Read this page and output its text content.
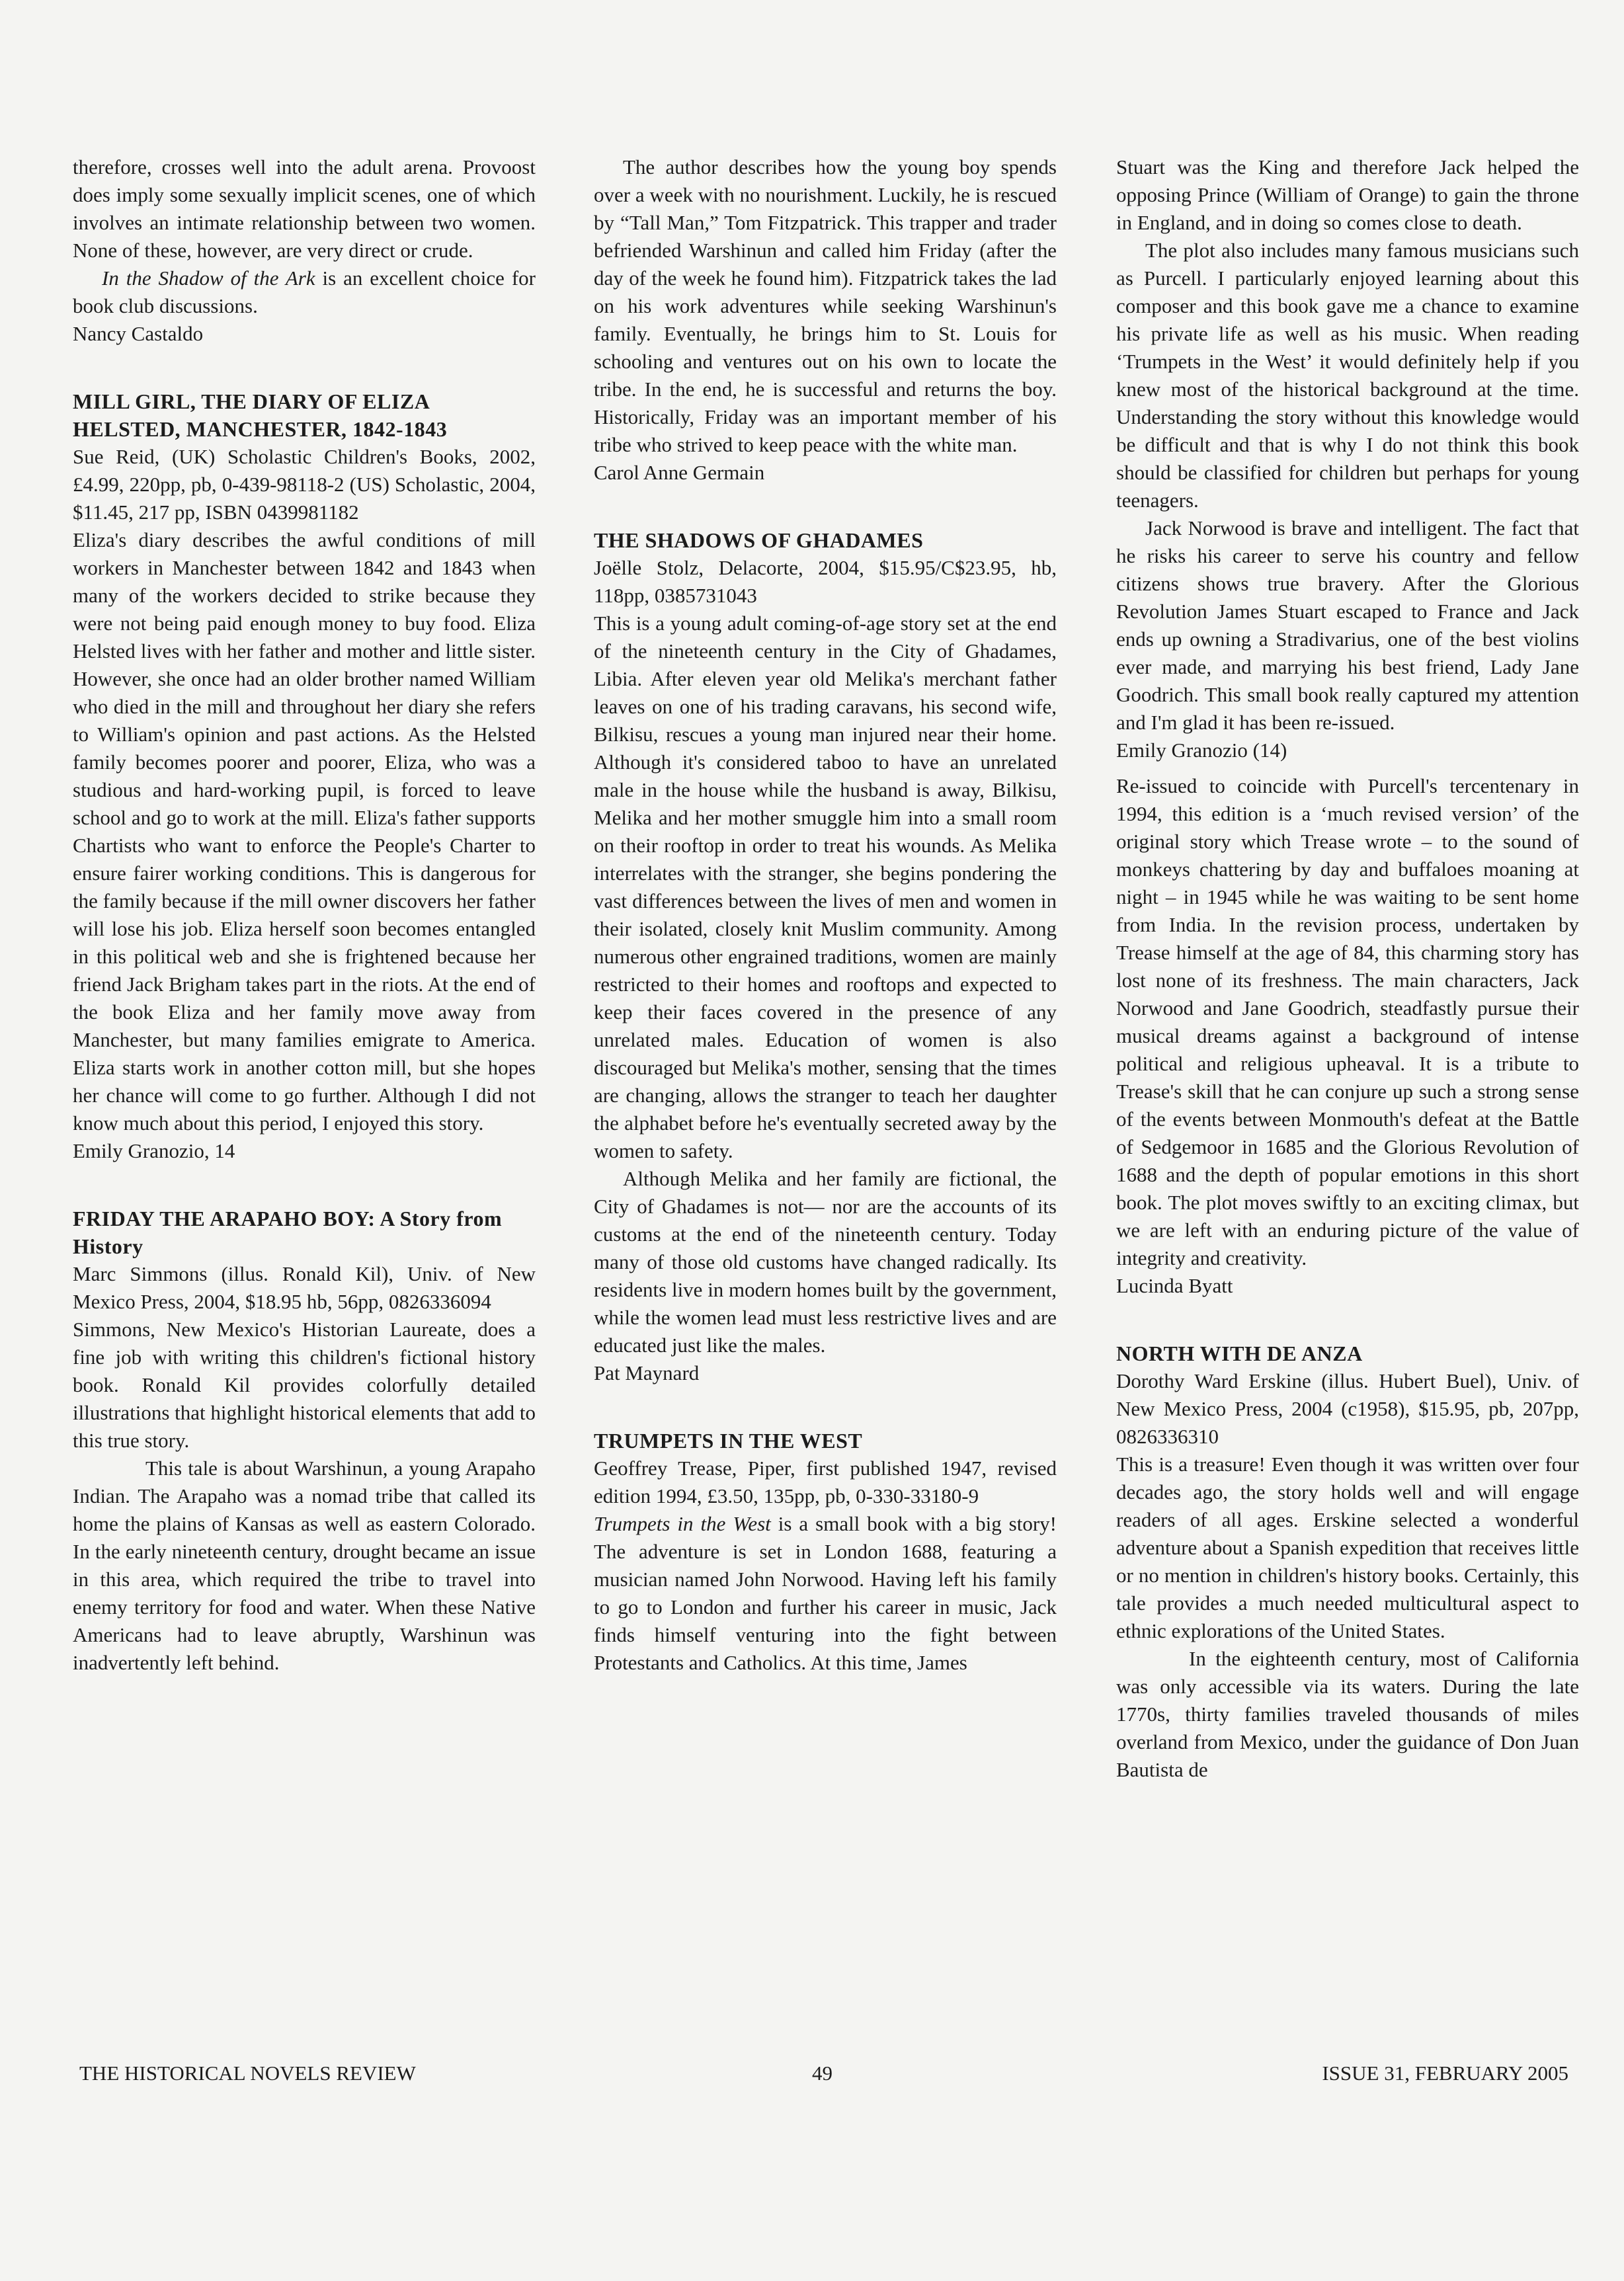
therefore, crosses well into the adult arena. Provoost does imply some sexually implicit scenes, one of which involves an intimate relationship between two women. None of these, however, are very direct or crude.

In the Shadow of the Ark is an excellent choice for book club discussions.

Nancy Castaldo

MILL GIRL, THE DIARY OF ELIZA HELSTED, MANCHESTER, 1842-1843

Sue Reid, (UK) Scholastic Children's Books, 2002, £4.99, 220pp, pb, 0-439-98118-2 (US) Scholastic, 2004, $11.45, 217 pp, ISBN 0439981182

Eliza's diary describes the awful conditions of mill workers in Manchester between 1842 and 1843 when many of the workers decided to strike because they were not being paid enough money to buy food. Eliza Helsted lives with her father and mother and little sister. However, she once had an older brother named William who died in the mill and throughout her diary she refers to William's opinion and past actions. As the Helsted family becomes poorer and poorer, Eliza, who was a studious and hard-working pupil, is forced to leave school and go to work at the mill. Eliza's father supports Chartists who want to enforce the People's Charter to ensure fairer working conditions. This is dangerous for the family because if the mill owner discovers her father will lose his job. Eliza herself soon becomes entangled in this political web and she is frightened because her friend Jack Brigham takes part in the riots. At the end of the book Eliza and her family move away from Manchester, but many families emigrate to America. Eliza starts work in another cotton mill, but she hopes her chance will come to go further. Although I did not know much about this period, I enjoyed this story.

Emily Granozio, 14

FRIDAY THE ARAPAHO BOY: A Story from History

Marc Simmons (illus. Ronald Kil), Univ. of New Mexico Press, 2004, $18.95 hb, 56pp, 0826336094

Simmons, New Mexico's Historian Laureate, does a fine job with writing this children's fictional history book. Ronald Kil provides colorfully detailed illustrations that highlight historical elements that add to this true story.

This tale is about Warshinun, a young Arapaho Indian. The Arapaho was a nomad tribe that called its home the plains of Kansas as well as eastern Colorado. In the early nineteenth century, drought became an issue in this area, which required the tribe to travel into enemy territory for food and water. When these Native Americans had to leave abruptly, Warshinun was inadvertently left behind.

The author describes how the young boy spends over a week with no nourishment. Luckily, he is rescued by “Tall Man,” Tom Fitzpatrick. This trapper and trader befriended Warshinun and called him Friday (after the day of the week he found him). Fitzpatrick takes the lad on his work adventures while seeking Warshinun's family. Eventually, he brings him to St. Louis for schooling and ventures out on his own to locate the tribe. In the end, he is successful and returns the boy. Historically, Friday was an important member of his tribe who strived to keep peace with the white man.

Carol Anne Germain

THE SHADOWS OF GHADAMES

Joëlle Stolz, Delacorte, 2004, $15.95/C$23.95, hb, 118pp, 0385731043

This is a young adult coming-of-age story set at the end of the nineteenth century in the City of Ghadames, Libia. After eleven year old Melika's merchant father leaves on one of his trading caravans, his second wife, Bilkisu, rescues a young man injured near their home. Although it's considered taboo to have an unrelated male in the house while the husband is away, Bilkisu, Melika and her mother smuggle him into a small room on their rooftop in order to treat his wounds. As Melika interrelates with the stranger, she begins pondering the vast differences between the lives of men and women in their isolated, closely knit Muslim community. Among numerous other engrained traditions, women are mainly restricted to their homes and rooftops and expected to keep their faces covered in the presence of any unrelated males. Education of women is also discouraged but Melika's mother, sensing that the times are changing, allows the stranger to teach her daughter the alphabet before he's eventually secreted away by the women to safety.

Although Melika and her family are fictional, the City of Ghadames is not— nor are the accounts of its customs at the end of the nineteenth century. Today many of those old customs have changed radically. Its residents live in modern homes built by the government, while the women lead must less restrictive lives and are educated just like the males.

Pat Maynard

TRUMPETS IN THE WEST

Geoffrey Trease, Piper, first published 1947, revised edition 1994, £3.50, 135pp, pb, 0-330-33180-9

Trumpets in the West is a small book with a big story! The adventure is set in London 1688, featuring a musician named John Norwood. Having left his family to go to London and further his career in music, Jack finds himself venturing into the fight between Protestants and Catholics. At this time, James

Stuart was the King and therefore Jack helped the opposing Prince (William of Orange) to gain the throne in England, and in doing so comes close to death.

The plot also includes many famous musicians such as Purcell. I particularly enjoyed learning about this composer and this book gave me a chance to examine his private life as well as his music. When reading ‘Trumpets in the West’ it would definitely help if you knew most of the historical background at the time. Understanding the story without this knowledge would be difficult and that is why I do not think this book should be classified for children but perhaps for young teenagers.

Jack Norwood is brave and intelligent. The fact that he risks his career to serve his country and fellow citizens shows true bravery. After the Glorious Revolution James Stuart escaped to France and Jack ends up owning a Stradivarius, one of the best violins ever made, and marrying his best friend, Lady Jane Goodrich. This small book really captured my attention and I'm glad it has been re-issued.

Emily Granozio (14)

Re-issued to coincide with Purcell's tercentenary in 1994, this edition is a ‘much revised version’ of the original story which Trease wrote – to the sound of monkeys chattering by day and buffaloes moaning at night – in 1945 while he was waiting to be sent home from India. In the revision process, undertaken by Trease himself at the age of 84, this charming story has lost none of its freshness. The main characters, Jack Norwood and Jane Goodrich, steadfastly pursue their musical dreams against a background of intense political and religious upheaval. It is a tribute to Trease's skill that he can conjure up such a strong sense of the events between Monmouth's defeat at the Battle of Sedgemoor in 1685 and the Glorious Revolution of 1688 and the depth of popular emotions in this short book. The plot moves swiftly to an exciting climax, but we are left with an enduring picture of the value of integrity and creativity.

Lucinda Byatt

NORTH WITH DE ANZA

Dorothy Ward Erskine (illus. Hubert Buel), Univ. of New Mexico Press, 2004 (c1958), $15.95, pb, 207pp, 0826336310

This is a treasure! Even though it was written over four decades ago, the story holds well and will engage readers of all ages. Erskine selected a wonderful adventure about a Spanish expedition that receives little or no mention in children's history books. Certainly, this tale provides a much needed multicultural aspect to ethnic explorations of the United States.

In the eighteenth century, most of California was only accessible via its waters. During the late 1770s, thirty families traveled thousands of miles overland from Mexico, under the guidance of Don Juan Bautista de

THE HISTORICAL NOVELS REVIEW	49	ISSUE 31, FEBRUARY 2005
